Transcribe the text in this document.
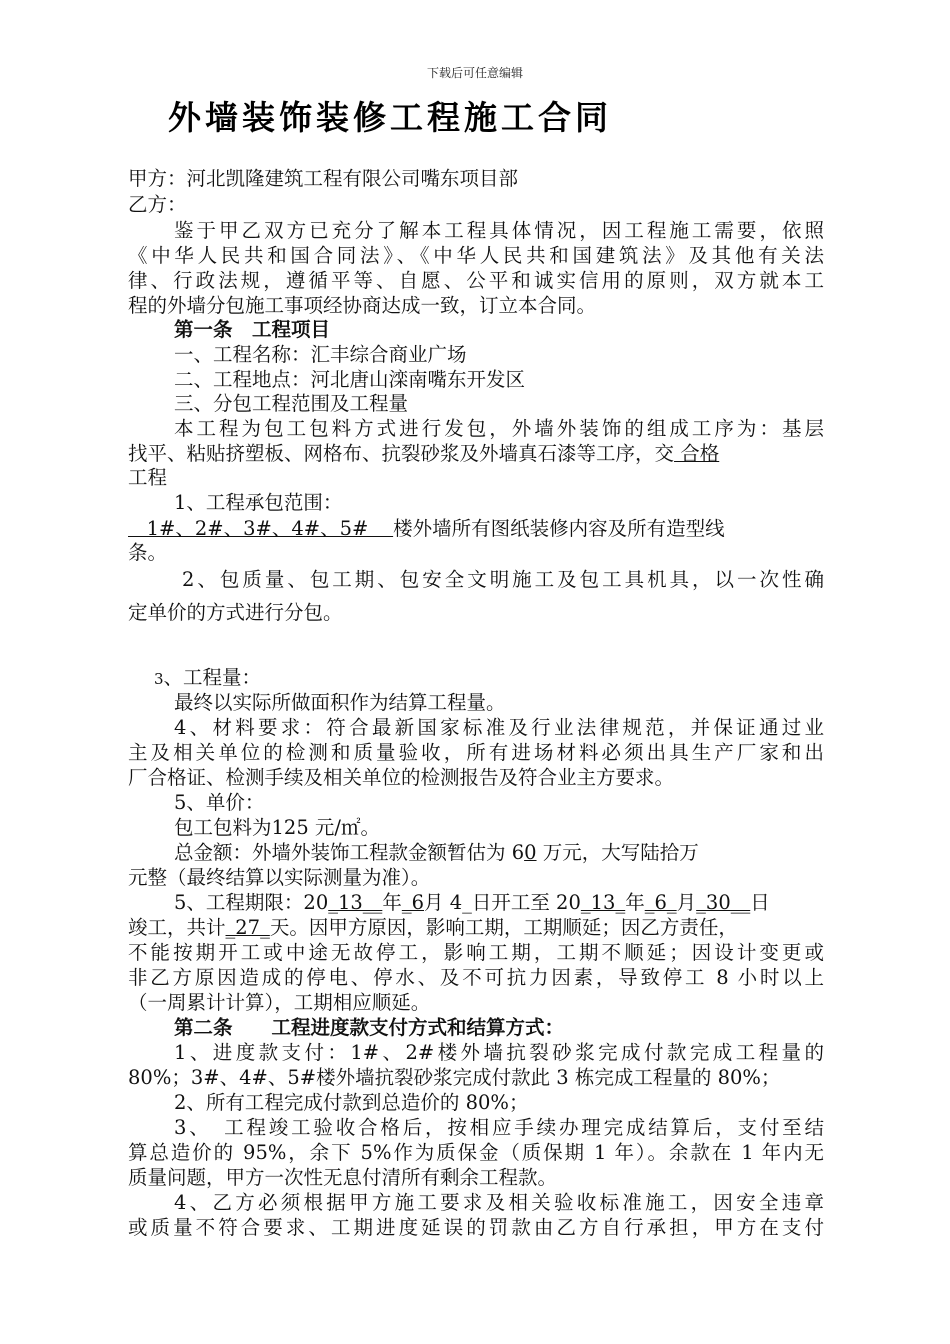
下载后可任意编辑
外墙装饰装修工程施工合同
甲方：河北凯隆建筑工程有限公司嘴东项目部
乙方：
鉴于甲乙双方已充分了解本工程具体情况，因工程施工需要，依照
《中华人民共和国合同法》、《中华人民共和国建筑法》及其他有关法
律、行政法规，遵循平等、自愿、公平和诚实信用的原则，双方就本工
程的外墙分包施工事项经协商达成一致，订立本合同。
第一条　工程项目
一、工程名称：汇丰综合商业广场
二、工程地点：河北唐山滦南嘴东开发区
三、分包工程范围及工程量
本工程为包工包料方式进行发包，外墙外装饰的组成工序为：基层
找平、粘贴挤塑板、网格布、抗裂砂浆及外墙真石漆等工序，交 合格
工程
1、工程承包范围：
1#、2#、3#、4#、5#    楼外墙所有图纸装修内容及所有造型线
条。
2、包质量、包工期、包安全文明施工及包工具机具，以一次性确
定单价的方式进行分包。
3、工程量：
最终以实际所做面积作为结算工程量。
4、材料要求：符合最新国家标准及行业法律规范，并保证通过业
主及相关单位的检测和质量验收，所有进场材料必须出具生产厂家和出
厂合格证、检测手续及相关单位的检测报告及符合业主方要求。
5、单价：
包工包料为125 元/㎡。
总金额：外墙外装饰工程款金额暂估为 60 万元，大写陆拾万
元整（最终结算以实际测量为准）。
5、工程期限：20_13__年_6月 4_日开工至 20_13_年_6_月_30__日
竣工，共计_27_天。因甲方原因，影响工期，工期顺延；因乙方责任，
不能按期开工或中途无故停工，影响工期，工期不顺延；因设计变更或
非乙方原因造成的停电、停水、及不可抗力因素，导致停工 8 小时以上
（一周累计计算），工期相应顺延。
第二条　　工程进度款支付方式和结算方式：
1、进度款支付：1#、2#楼外墙抗裂砂浆完成付款完成工程量的
80%；3#、4#、5#楼外墙抗裂砂浆完成付款此 3 栋完成工程量的 80%；
2、所有工程完成付款到总造价的 80%；
3、　工程竣工验收合格后，按相应手续办理完成结算后，支付至结
算总造价的 95%，余下 5%作为质保金（质保期 1 年）。余款在 1 年内无
质量问题，甲方一次性无息付清所有剩余工程款。
4、乙方必须根据甲方施工要求及相关验收标准施工，因安全违章
或质量不符合要求、工期进度延误的罚款由乙方自行承担，甲方在支付
